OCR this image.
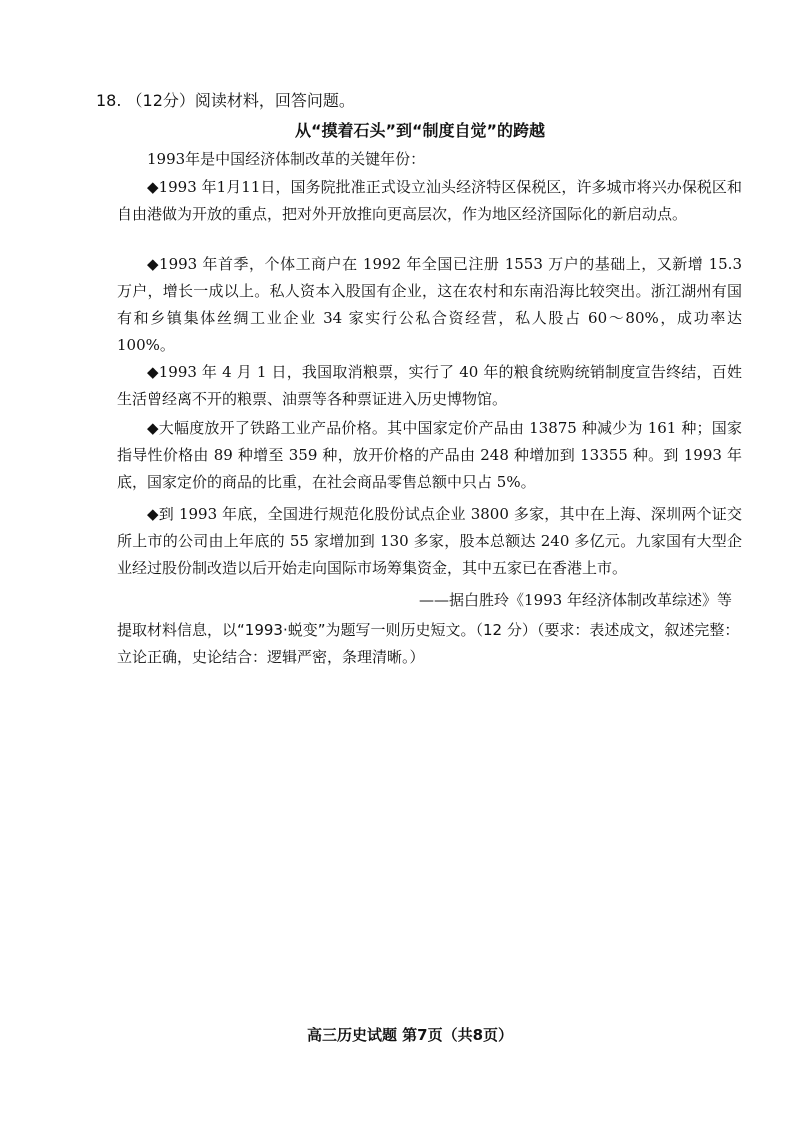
18. （12分）阅读材料，回答问题。
从“摸着石头”到“制度自觉”的跨越

1993年是中国经济体制改革的关键年份：

◆1993 年1月11日，国务院批准正式设立汕头经济特区保税区，许多城市将兴办保税区和自由港做为开放的重点，把对外开放推向更高层次，作为地区经济国际化的新启动点。

◆1993 年首季，个体工商户在 1992 年全国已注册 1553 万户的基础上，又新增 15.3 万户，增长一成以上。私人资本入股国有企业，这在农村和东南沿海比较突出。浙江湖州有国有和乡镇集体丝绸工业企业 34 家实行公私合资经营，私人股占 60～80%，成功率达 100%。

◆1993 年 4 月 1 日，我国取消粮票，实行了 40 年的粮食统购统销制度宣告终结，百姓生活曾经离不开的粮票、油票等各种票证进入历史博物馆。

◆大幅度放开了铁路工业产品价格。其中国家定价产品由 13875 种减少为 161 种；国家指导性价格由 89 种增至 359 种，放开价格的产品由 248 种增加到 13355 种。到 1993 年底，国家定价的商品的比重，在社会商品零售总额中只占 5%。

◆到 1993 年底，全国进行规范化股份试点企业 3800 多家，其中在上海、深圳两个证交所上市的公司由上年底的 55 家增加到 130 多家，股本总额达 240 多亿元。九家国有大型企业经过股份制改造以后开始走向国际市场筹集资金，其中五家已在香港上市。

——据白胜玲《1993 年经济体制改革综述》等

提取材料信息，以“1993·蜕变”为题写一则历史短文。（12 分）（要求：表述成文，叙述完整：立论正确，史论结合：逻辑严密，条理清晰。）

高三历史试题 第7页（共8页）
